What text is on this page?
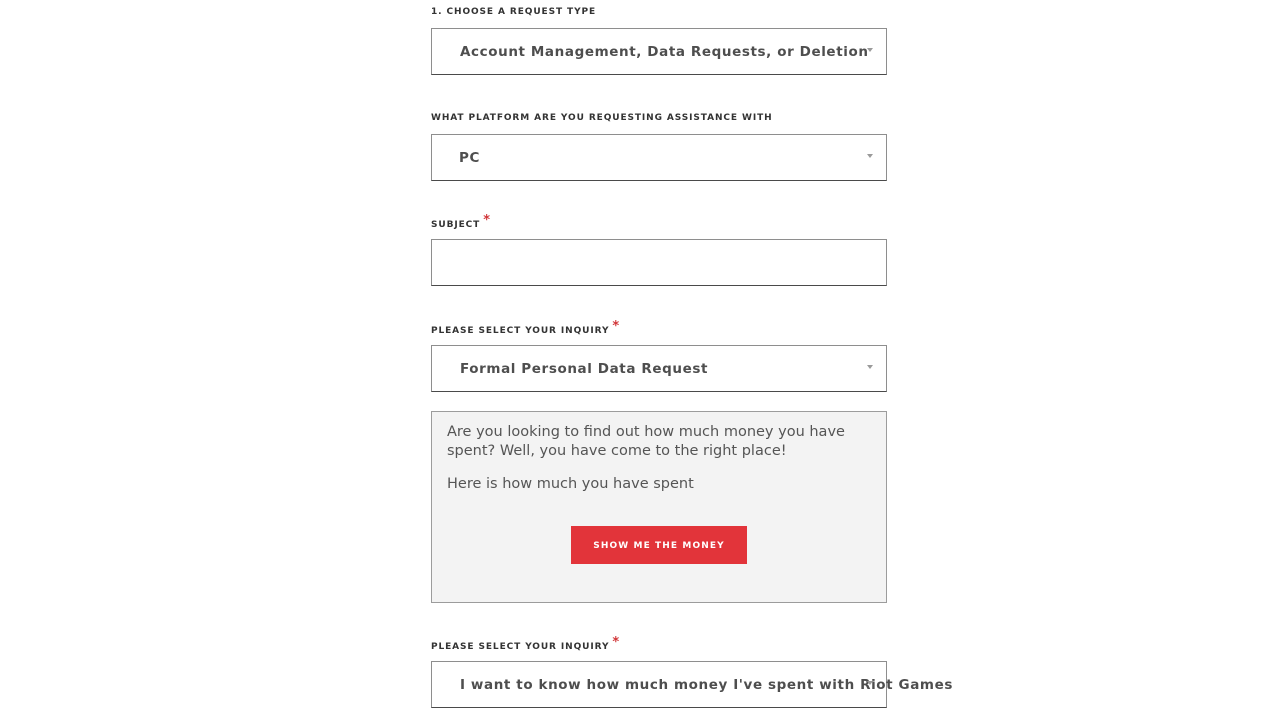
1. CHOOSE A REQUEST TYPE
Account Management, Data Requests, or Deletion
WHAT PLATFORM ARE YOU REQUESTING ASSISTANCE WITH
PC
SUBJECT *
PLEASE SELECT YOUR INQUIRY *
Formal Personal Data Request
Are you looking to find out how much money you have spent? Well, you have come to the right place!
Here is how much you have spent
SHOW ME THE MONEY
PLEASE SELECT YOUR INQUIRY *
I want to know how much money I've spent with Riot Games
